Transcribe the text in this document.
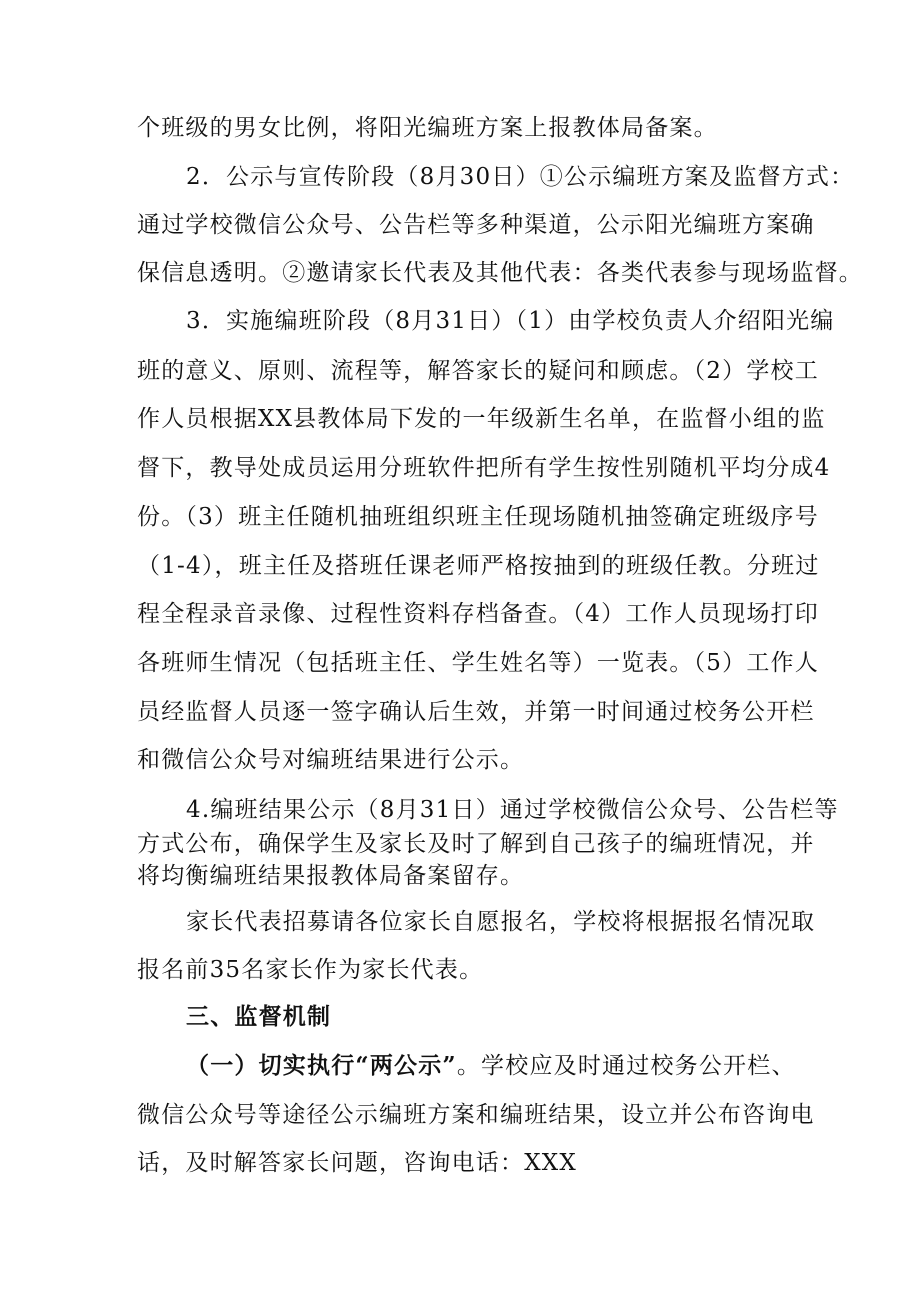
个班级的男女比例，将阳光编班方案上报教体局备案。

2．公示与宣传阶段（8月30日）①公示编班方案及监督方式：

通过学校微信公众号、公告栏等多种渠道，公示阳光编班方案确

保信息透明。②邀请家长代表及其他代表：各类代表参与现场监督。

3．实施编班阶段（8月31日）（1）由学校负责人介绍阳光编

班的意义、原则、流程等，解答家长的疑问和顾虑。（2）学校工

作人员根据XX县教体局下发的一年级新生名单，在监督小组的监

督下，教导处成员运用分班软件把所有学生按性别随机平均分成4

份。（3）班主任随机抽班组织班主任现场随机抽签确定班级序号

（1-4），班主任及搭班任课老师严格按抽到的班级任教。分班过

程全程录音录像、过程性资料存档备查。（4）工作人员现场打印

各班师生情况（包括班主任、学生姓名等）一览表。（5）工作人

员经监督人员逐一签字确认后生效，并第一时间通过校务公开栏

和微信公众号对编班结果进行公示。

4.编班结果公示（8月31日）通过学校微信公众号、公告栏等

方式公布，确保学生及家长及时了解到自己孩子的编班情况，并

将均衡编班结果报教体局备案留存。

家长代表招募请各位家长自愿报名，学校将根据报名情况取

报名前35名家长作为家长代表。

三、监督机制

（一）切实执行“两公示”。学校应及时通过校务公开栏、

微信公众号等途径公示编班方案和编班结果，设立并公布咨询电

话，及时解答家长问题，咨询电话：XXX
